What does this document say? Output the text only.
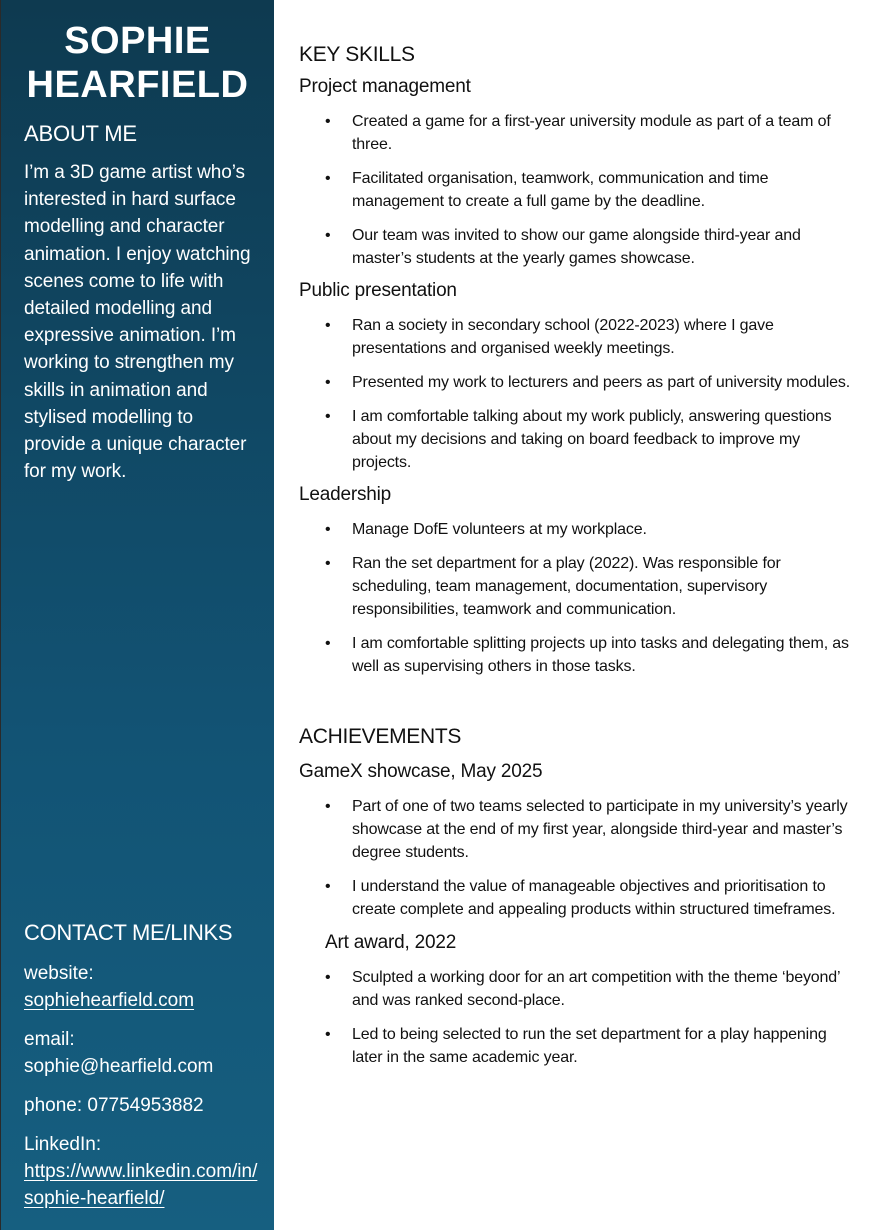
SOPHIE
HEARFIELD
ABOUT ME

I’m a 3D game artist who’s interested in hard surface modelling and character animation. I enjoy watching scenes come to life with detailed modelling and expressive animation. I’m working to strengthen my skills in animation and stylised modelling to provide a unique character for my work.

CONTACT ME/LINKS
website:
sophiehearfield.com
email:
sophie@hearfield.com
phone: 07754953882
LinkedIn:
https://www.linkedin.com/in/sophie-hearfield/
KEY SKILLS
Project management
• Created a game for a first-year university module as part of a team of three.
• Facilitated organisation, teamwork, communication and time management to create a full game by the deadline.
• Our team was invited to show our game alongside third-year and master’s students at the yearly games showcase.
Public presentation
• Ran a society in secondary school (2022-2023) where I gave presentations and organised weekly meetings.
• Presented my work to lecturers and peers as part of university modules.
• I am comfortable talking about my work publicly, answering questions about my decisions and taking on board feedback to improve my projects.
Leadership
• Manage DofE volunteers at my workplace.
• Ran the set department for a play (2022). Was responsible for scheduling, team management, documentation, supervisory responsibilities, teamwork and communication.
• I am comfortable splitting projects up into tasks and delegating them, as well as supervising others in those tasks.
ACHIEVEMENTS
GameX showcase, May 2025
• Part of one of two teams selected to participate in my university’s yearly showcase at the end of my first year, alongside third-year and master’s degree students.
• I understand the value of manageable objectives and prioritisation to create complete and appealing products within structured timeframes.
Art award, 2022
• Sculpted a working door for an art competition with the theme ‘beyond’ and was ranked second-place.
• Led to being selected to run the set department for a play happening later in the same academic year.
